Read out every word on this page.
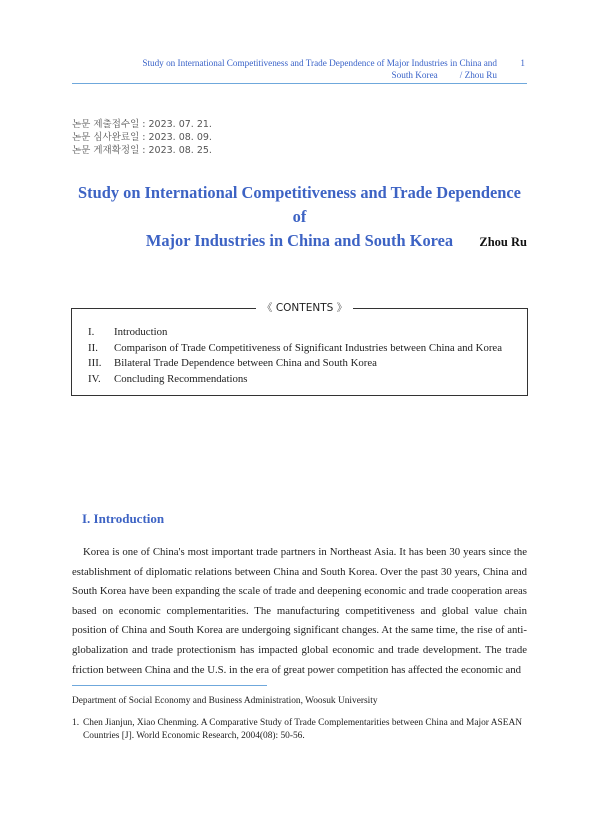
Study on International Competitiveness and Trade Dependence of Major Industries in China and
South Korea / Zhou Ru
1
논문 제출접수일 : 2023. 07. 21.
논문 심사완료일 : 2023. 08. 09.
논문 게재확정일 : 2023. 08. 25.
Study on International Competitiveness and Trade Dependence of
Major Industries in China and South Korea	Zhou Ru
《 CONTENTS 》
I. Introduction
II. Comparison of Trade Competitiveness of Significant Industries between China and Korea
III. Bilateral Trade Dependence between China and South Korea
IV. Concluding Recommendations
I. Introduction

Korea is one of China's most important trade partners in Northeast Asia. It has been 30 years since the establishment of diplomatic relations between China and South Korea. Over the past 30 years, China and South Korea have been expanding the scale of trade and deepening economic and trade cooperation areas based on economic complementarities. The manufacturing competitiveness and global value chain position of China and South Korea are undergoing significant changes. At the same time, the rise of anti-globalization and trade protectionism has impacted global economic and trade development. The trade friction between China and the U.S. in the era of great power competition has affected the economic and

Department of Social Economy and Business Administration, Woosuk University
1. Chen Jianjun, Xiao Chenming. A Comparative Study of Trade Complementarities between China and Major ASEAN Countries [J]. World Economic Research, 2004(08): 50-56.
